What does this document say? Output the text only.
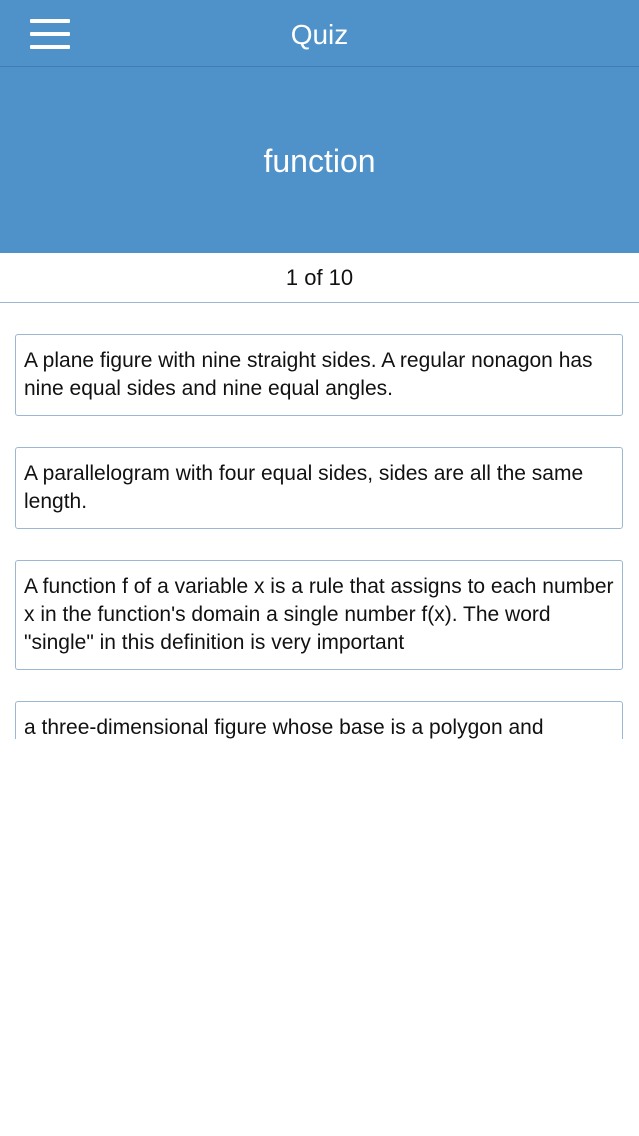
Quiz
function
1 of 10
A plane figure with nine straight sides. A regular nonagon has nine equal sides and nine equal angles.
A parallelogram with four equal sides, sides are all the same length.
A function f of a variable x is a rule that assigns to each number x in the function's domain a single number f(x). The word "single" in this definition is very important
a three-dimensional figure whose base is a polygon and
